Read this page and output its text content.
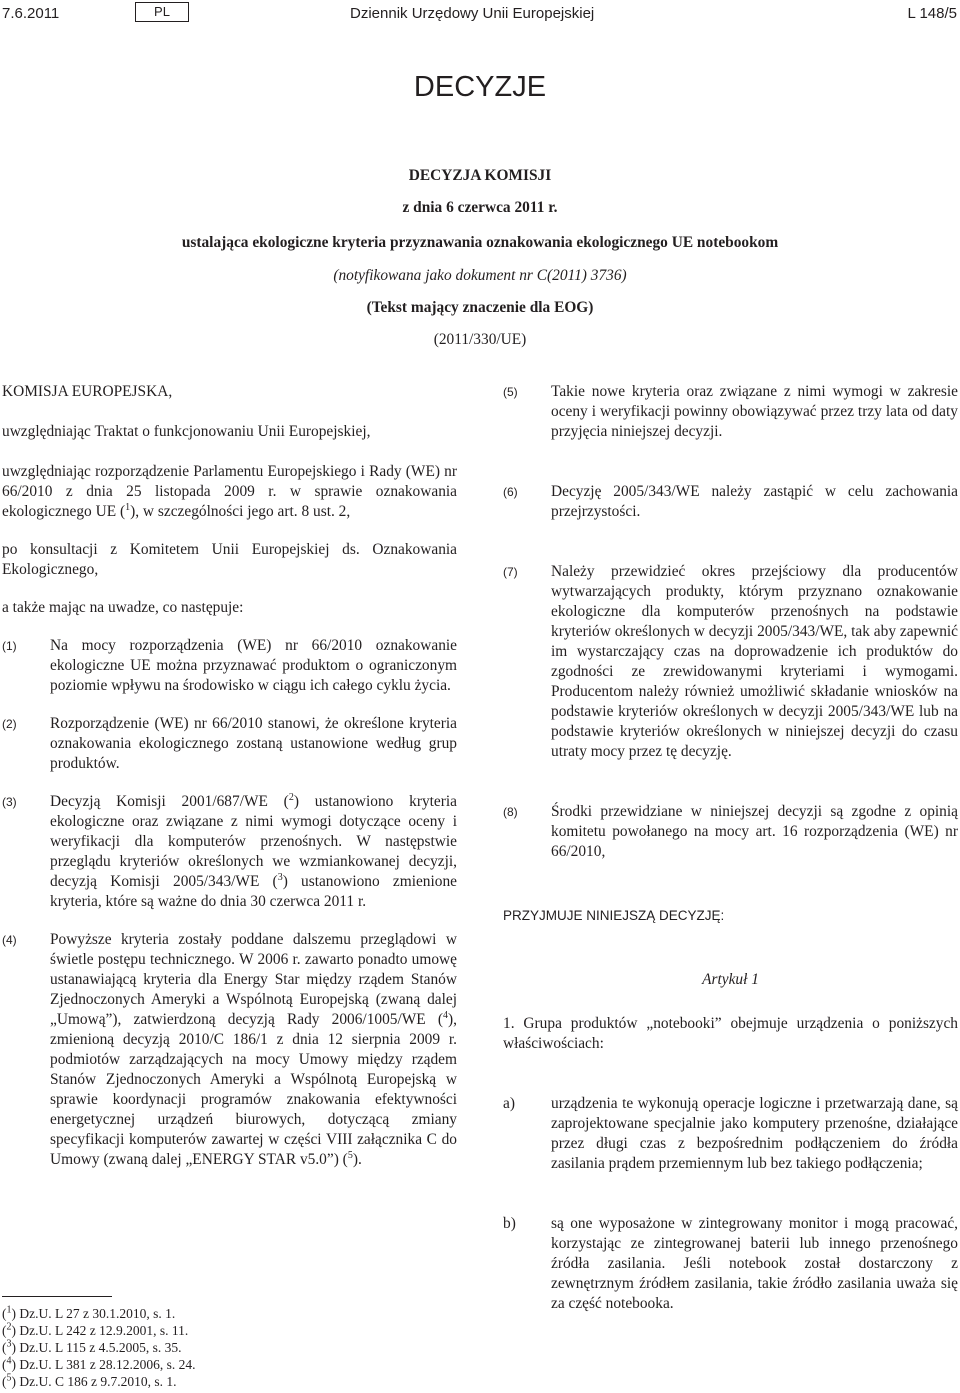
7.6.2011	PL	Dziennik Urzędowy Unii Europejskiej	L 148/5
DECYZJE
DECYZJA KOMISJI
z dnia 6 czerwca 2011 r.
ustalająca ekologiczne kryteria przyznawania oznakowania ekologicznego UE notebookom
(notyfikowana jako dokument nr C(2011) 3736)
(Tekst mający znaczenie dla EOG)
(2011/330/UE)

KOMISJA EUROPEJSKA,

uwzględniając Traktat o funkcjonowaniu Unii Europejskiej,

uwzględniając rozporządzenie Parlamentu Europejskiego i Rady (WE) nr 66/2010 z dnia 25 listopada 2009 r. w sprawie oznakowania ekologicznego UE ($^1$), w szczególności jego art. 8 ust. 2,

po konsultacji z Komitetem Unii Europejskiej ds. Oznakowania Ekologicznego,

a także mając na uwadze, co następuje:

(1)	Na mocy rozporządzenia (WE) nr 66/2010 oznakowanie ekologiczne UE można przyznawać produktom o ograniczonym poziomie wpływu na środowisko w ciągu ich całego cyklu życia.
(2)	Rozporządzenie (WE) nr 66/2010 stanowi, że określone kryteria oznakowania ekologicznego zostaną ustanowione według grup produktów.
(3)	Decyzją Komisji 2001/687/WE ($^2$) ustanowiono kryteria ekologiczne oraz związane z nimi wymogi dotyczące oceny i weryfikacji dla komputerów przenośnych. W następstwie przeglądu kryteriów określonych we wzmiankowanej decyzji, decyzją Komisji 2005/343/WE ($^3$) ustanowiono zmienione kryteria, które są ważne do dnia 30 czerwca 2011 r.
(4)	Powyższe kryteria zostały poddane dalszemu przeglądowi w świetle postępu technicznego. W 2006 r. zawarto ponadto umowę ustanawiającą kryteria dla Energy Star między rządem Stanów Zjednoczonych Ameryki a Wspólnotą Europejską (zwaną dalej „Umową”), zatwierdzoną decyzją Rady 2006/1005/WE ($^4$), zmienioną decyzją 2010/C 186/1 z dnia 12 sierpnia 2009 r. podmiotów zarządzających na mocy Umowy między rządem Stanów Zjednoczonych Ameryki a Wspólnotą Europejską w sprawie koordynacji programów znakowania efektywności energetycznej urządzeń biurowych, dotyczącą zmiany specyfikacji komputerów zawartej w części VIII załącznika C do Umowy (zwaną dalej „ENERGY STAR v5.0”) ($^5$).
($^1$) Dz.U. L 27 z 30.1.2010, s. 1.
($^2$) Dz.U. L 242 z 12.9.2001, s. 11.
($^3$) Dz.U. L 115 z 4.5.2005, s. 35.
($^4$) Dz.U. L 381 z 28.12.2006, s. 24.
($^5$) Dz.U. C 186 z 9.7.2010, s. 1.
(5)	Takie nowe kryteria oraz związane z nimi wymogi w zakresie oceny i weryfikacji powinny obowiązywać przez trzy lata od daty przyjęcia niniejszej decyzji.
(6)	Decyzję 2005/343/WE należy zastąpić w celu zachowania przejrzystości.
(7)	Należy przewidzieć okres przejściowy dla producentów wytwarzających produkty, którym przyznano oznakowanie ekologiczne dla komputerów przenośnych na podstawie kryteriów określonych w decyzji 2005/343/WE, tak aby zapewnić im wystarczający czas na doprowadzenie ich produktów do zgodności ze zrewidowanymi kryteriami i wymogami. Producentom należy również umożliwić składanie wniosków na podstawie kryteriów określonych w decyzji 2005/343/WE lub na podstawie kryteriów określonych w niniejszej decyzji do czasu utraty mocy przez tę decyzję.
(8)	Środki przewidziane w niniejszej decyzji są zgodne z opinią komitetu powołanego na mocy art. 16 rozporządzenia (WE) nr 66/2010,

PRZYJMUJE NINIEJSZĄ DECYZJĘ:

Artykuł 1

1. Grupa produktów „notebooki” obejmuje urządzenia o poniższych właściwościach:

a)	urządzenia te wykonują operacje logiczne i przetwarzają dane, są zaprojektowane specjalnie jako komputery przenośne, działające przez długi czas z bezpośrednim podłączeniem do źródła zasilania prądem przemiennym lub bez takiego podłączenia;
b)	są one wyposażone w zintegrowany monitor i mogą pracować, korzystając ze zintegrowanej baterii lub innego przenośnego źródła zasilania. Jeśli notebook został dostarczony z zewnętrznym źródłem zasilania, takie źródło zasilania uważa się za część notebooka.
